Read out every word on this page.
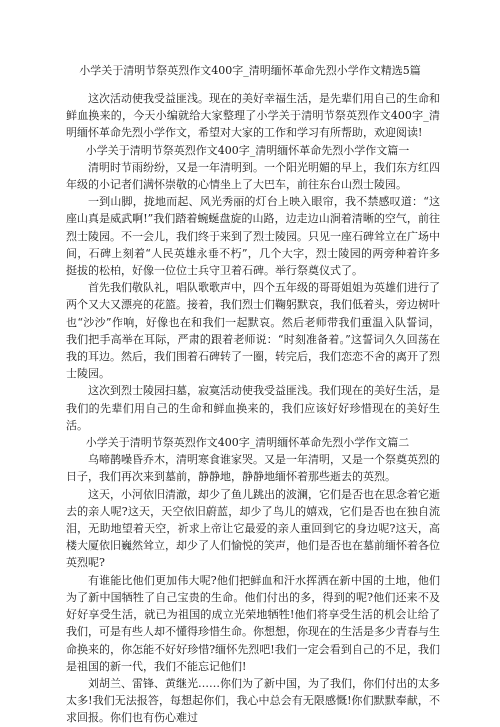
小学关于清明节祭英烈作文400字_清明缅怀革命先烈小学作文精选5篇

这次活动使我受益匪浅。现在的美好幸福生活，是先辈们用自己的生命和鲜血换来的，今天小编就给大家整理了小学关于清明节祭英烈作文400字_清明缅怀革命先烈小学作文，希望对大家的工作和学习有所帮助，欢迎阅读!

小学关于清明节祭英烈作文400字_清明缅怀革命先烈小学作文篇一

清明时节雨纷纷，又是一年清明到。一个阳光明媚的早上，我们东方红四年级的小记者们满怀崇敬的心情坐上了大巴车，前往东台山烈士陵园。

一到山脚，拢地而起、风光秀丽的灯台上映入眼帘，我不禁感叹道：“这座山真是威武啊!”我们踏着蜿蜒盘旋的山路，边走边山涧着清晰的空气，前往烈士陵园。不一会儿，我们终于来到了烈士陵园。只见一座石碑耸立在广场中间，石碑上刻着“人民英雄永垂不朽”，几个大字，烈士陵园的两旁种着许多挺拔的松柏，好像一位位士兵守卫着石碑。举行祭奠仪式了。

首先我们敬队礼，唱队歌歌声中，四个五年级的哥哥姐姐为英雄们进行了两个又大又漂亮的花篮。接着，我们烈士们鞠躬默哀，我们低着头，旁边树叶也“沙沙”作响，好像也在和我们一起默哀。然后老师带我们重温入队誓词，我们把手高举在耳际，严肃的跟着老师说：“时刻准备着。”这誓词久久回荡在我的耳边。然后，我们围着石碑转了一圈，转完后，我们恋恋不舍的离开了烈士陵园。

这次到烈士陵园扫墓，寂寞活动使我受益匪浅。我们现在的美好生活，是我们的先辈们用自己的生命和鲜血换来的，我们应该好好珍惜现在的美好生活。

小学关于清明节祭英烈作文400字_清明缅怀革命先烈小学作文篇二

乌啼鹊噪昏乔木，清明寒食谁家哭。又是一年清明，又是一个祭奠英烈的日子，我们再次来到墓前，静静地，静静地缅怀着那些逝去的英烈。

这天，小河依旧清澈，却少了鱼儿跳出的波澜，它们是否也在思念着它逝去的亲人呢?这天，天空依旧蔚蓝，却少了鸟儿的嬉戏，它们是否也在独自流泪，无助地望着天空，祈求上帝让它最爱的亲人重回到它的身边呢?这天，高楼大厦依旧巍然耸立，却少了人们愉悦的笑声，他们是否也在墓前缅怀着各位英烈呢?

有谁能比他们更加伟大呢?他们把鲜血和汗水挥洒在新中国的土地，他们为了新中国牺牲了自己宝贵的生命。他们付出的多，得到的呢?他们还来不及好好享受生活，就已为祖国的成立光荣地牺牲!他们将享受生活的机会让给了我们，可是有些人却不懂得珍惜生命。你想想，你现在的生活是多少青春与生命换来的，你怎能不好好珍惜?缅怀先烈吧!我们一定会看到自己的不足，我们是祖国的新一代，我们不能忘记他们!

刘胡兰、雷锋、黄继光……你们为了新中国，为了我们，你们付出的太多太多!我们无法报答，每想起你们，我心中总会有无限感慨!你们默默奉献，不求回报。你们也有伤心难过
